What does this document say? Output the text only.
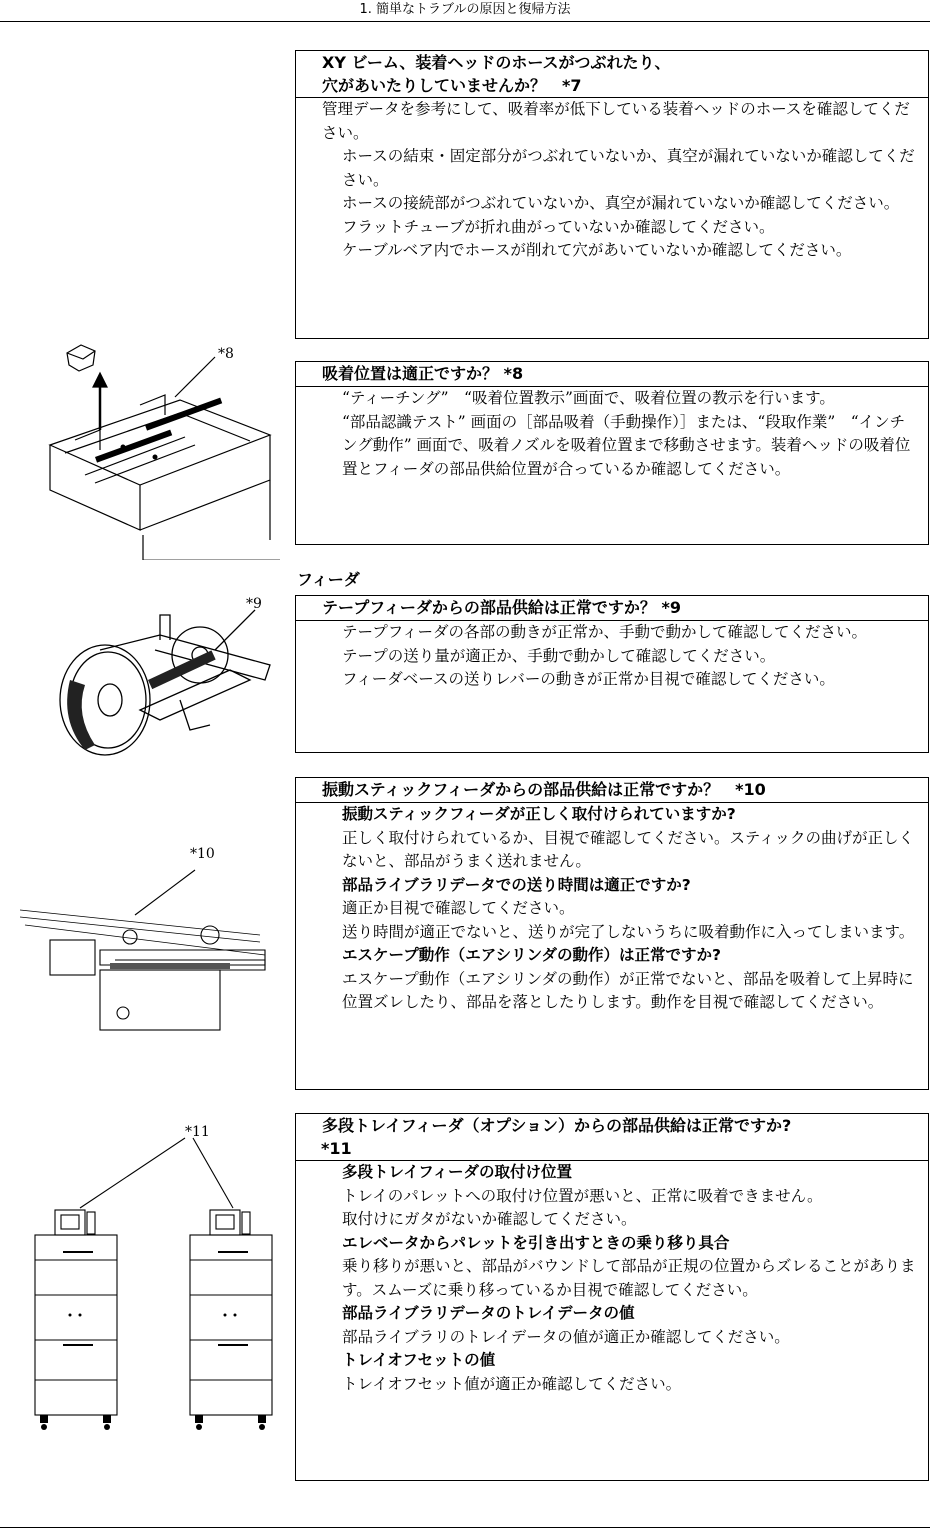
1. 簡単なトラブルの原因と復帰方法
XY ビーム、装着ヘッドのホースがつぶれたり、
穴があいたりしていませんか？　*7

管理データを参考にして、吸着率が低下している装着ヘッドのホースを確認してください。

ホースの結束・固定部分がつぶれていないか、真空が漏れていないか確認してください。

ホースの接続部がつぶれていないか、真空が漏れていないか確認してください。

フラットチューブが折れ曲がっていないか確認してください。

ケーブルベア内でホースが削れて穴があいていないか確認してください。

吸着位置は適正ですか？ *8

“ティーチング”　“吸着位置教示”画面で、吸着位置の教示を行います。

“部品認識テスト” 画面の［部品吸着（手動操作）］または、“段取作業”　“インチング動作” 画面で、吸着ノズルを吸着位置まで移動させます。装着ヘッドの吸着位置とフィーダの部品供給位置が合っているか確認してください。

フィーダ
テープフィーダからの部品供給は正常ですか？ *9

テープフィーダの各部の動きが正常か、手動で動かして確認してください。

テープの送り量が適正か、手動で動かして確認してください。

フィーダベースの送りレバーの動きが正常か目視で確認してください。

振動スティックフィーダからの部品供給は正常ですか？　*10

振動スティックフィーダが正しく取付けられていますか?

正しく取付けられているか、目視で確認してください。スティックの曲げが正しくないと、部品がうまく送れません。

部品ライブラリデータでの送り時間は適正ですか?

適正か目視で確認してください。

送り時間が適正でないと、送りが完了しないうちに吸着動作に入ってしまいます。

エスケープ動作（エアシリンダの動作）は正常ですか?

エスケープ動作（エアシリンダの動作）が正常でないと、部品を吸着して上昇時に位置ズレしたり、部品を落としたりします。動作を目視で確認してください。

多段トレイフィーダ（オプション）からの部品供給は正常ですか?
*11

多段トレイフィーダの取付け位置

トレイのパレットへの取付け位置が悪いと、正常に吸着できません。

取付けにガタがないか確認してください。

エレベータからパレットを引き出すときの乗り移り具合

乗り移りが悪いと、部品がバウンドして部品が正規の位置からズレることがあります。スムーズに乗り移っているか目視で確認してください。

部品ライブラリデータのトレイデータの値

部品ライブラリのトレイデータの値が適正か確認してください。

トレイオフセットの値

トレイオフセット値が適正か確認してください。

*8
*9
*10
*11
